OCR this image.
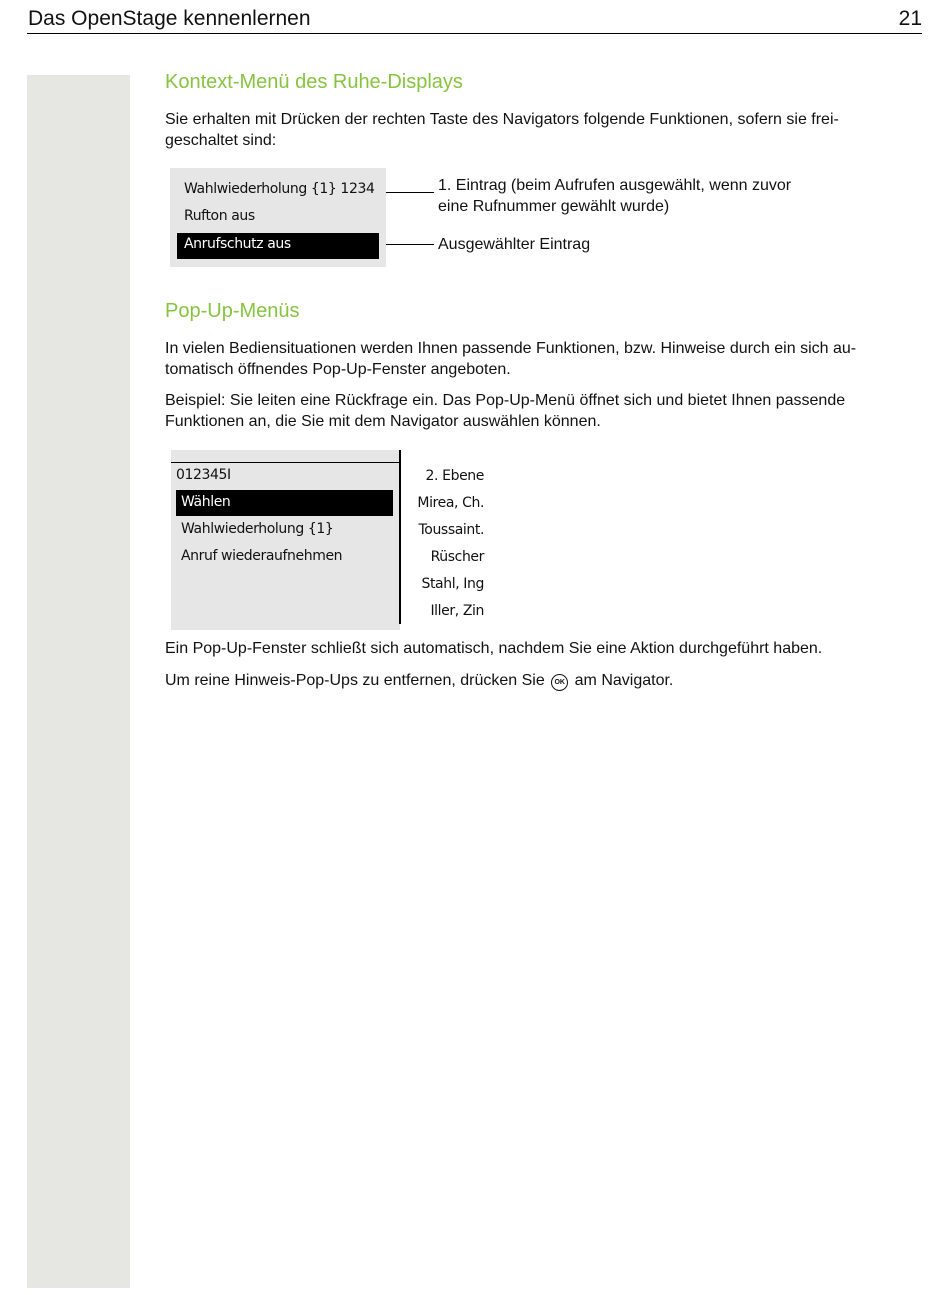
Das OpenStage kennenlernen	21
Kontext-Menü des Ruhe-Displays
Sie erhalten mit Drücken der rechten Taste des Navigators folgende Funktionen, sofern sie frei-
geschaltet sind:
Wahlwiederholung {1} 1234
Rufton aus
Anrufschutz aus
1. Eintrag (beim Aufrufen ausgewählt, wenn zuvor
eine Rufnummer gewählt wurde)
Ausgewählter Eintrag
Pop-Up-Menüs
In vielen Bediensituationen werden Ihnen passende Funktionen, bzw. Hinweise durch ein sich au-
tomatisch öffnendes Pop-Up-Fenster angeboten.
Beispiel: Sie leiten eine Rückfrage ein. Das Pop-Up-Menü öffnet sich und bietet Ihnen passende
Funktionen an, die Sie mit dem Navigator auswählen können.
012345I
Wählen
Wahlwiederholung {1}
Anruf wiederaufnehmen
2. Ebene
Mirea, Ch.
Toussaint.
Rüscher
Stahl, Ing
Iller, Zin
Ein Pop-Up-Fenster schließt sich automatisch, nachdem Sie eine Aktion durchgeführt haben.
Um reine Hinweis-Pop-Ups zu entfernen, drücken Sie OK am Navigator.
